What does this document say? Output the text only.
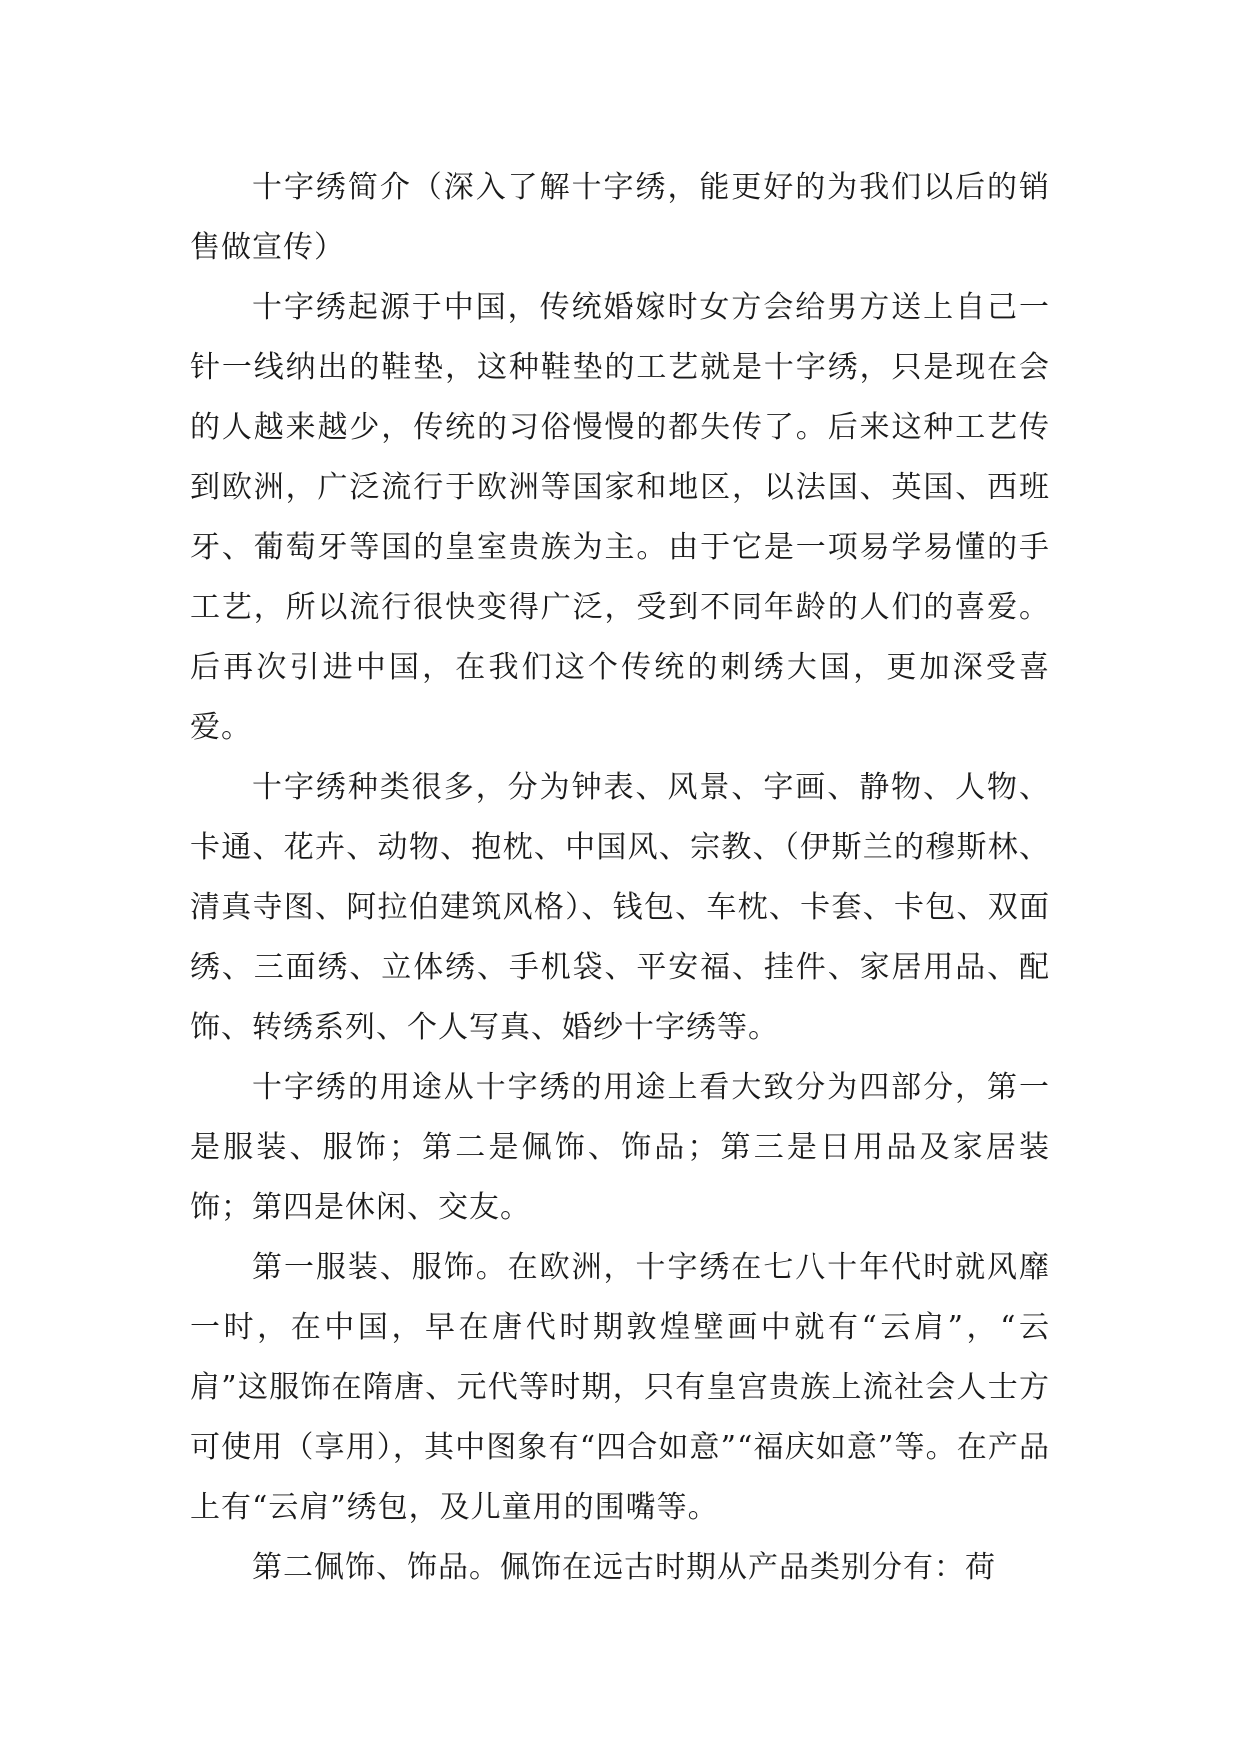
十字绣简介（深入了解十字绣，能更好的为我们以后的销售做宣传）

十字绣起源于中国，传统婚嫁时女方会给男方送上自己一针一线纳出的鞋垫，这种鞋垫的工艺就是十字绣，只是现在会的人越来越少，传统的习俗慢慢的都失传了。后来这种工艺传到欧洲，广泛流行于欧洲等国家和地区，以法国、英国、西班牙、葡萄牙等国的皇室贵族为主。由于它是一项易学易懂的手工艺，所以流行很快变得广泛，受到不同年龄的人们的喜爱。 后再次引进中国，在我们这个传统的刺绣大国，更加深受喜爱。

十字绣种类很多，分为钟表、风景、字画、静物、人物、卡通、花卉、动物、抱枕、中国风、宗教、（伊斯兰的穆斯林、清真寺图、阿拉伯建筑风格）、钱包、车枕、卡套、卡包、双面绣、三面绣、立体绣、手机袋、平安福、挂件、家居用品、配饰、转绣系列、个人写真、婚纱十字绣等。

十字绣的用途从十字绣的用途上看大致分为四部分，第一是服装、服饰；第二是佩饰、饰品；第三是日用品及家居装饰；第四是休闲、交友。

第一服装、服饰。在欧洲，十字绣在七八十年代时就风靡一时，在中国，早在唐代时期敦煌壁画中就有“云肩”，“云肩”这服饰在隋唐、元代等时期，只有皇宫贵族上流社会人士方可使用（享用），其中图象有“四合如意”“福庆如意”等。在产品上有“云肩”绣包，及儿童用的围嘴等。

第二佩饰、饰品。佩饰在远古时期从产品类别分有：荷
